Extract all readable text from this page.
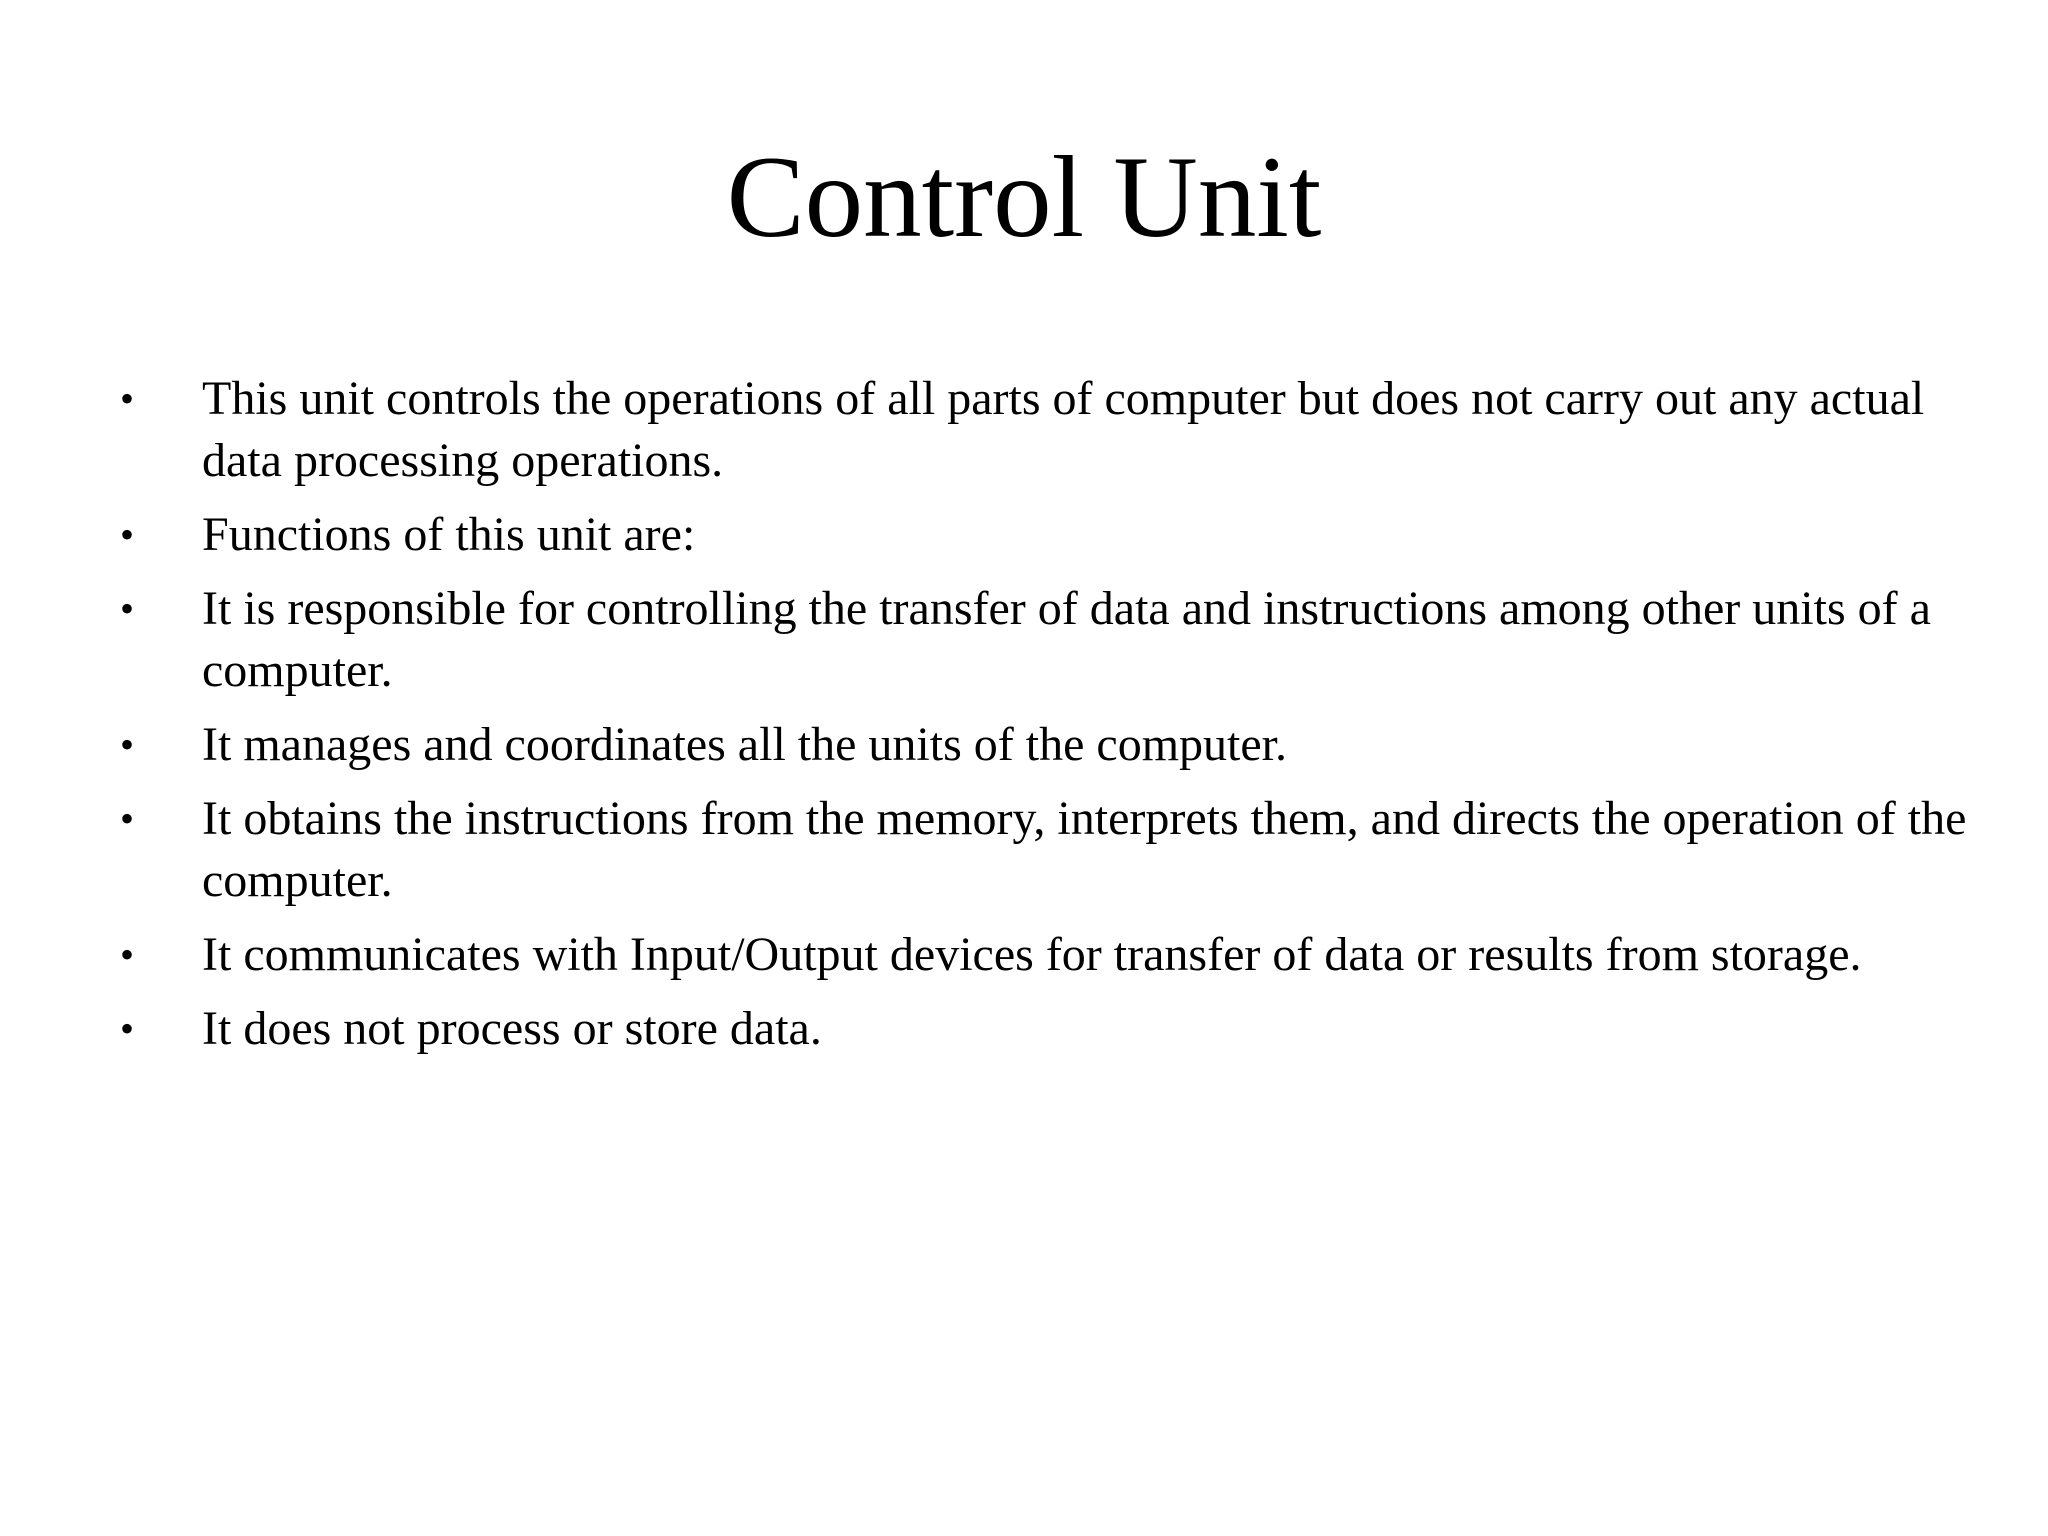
Control Unit
•	This unit controls the operations of all parts of computer but does not carry out any actual data processing operations.
•	Functions of this unit are:
•	It is responsible for controlling the transfer of data and instructions among other units of a computer.
•	It manages and coordinates all the units of the computer.
•	It obtains the instructions from the memory, interprets them, and directs the operation of the computer.
•	It communicates with Input/Output devices for transfer of data or results from storage.
•	It does not process or store data.
